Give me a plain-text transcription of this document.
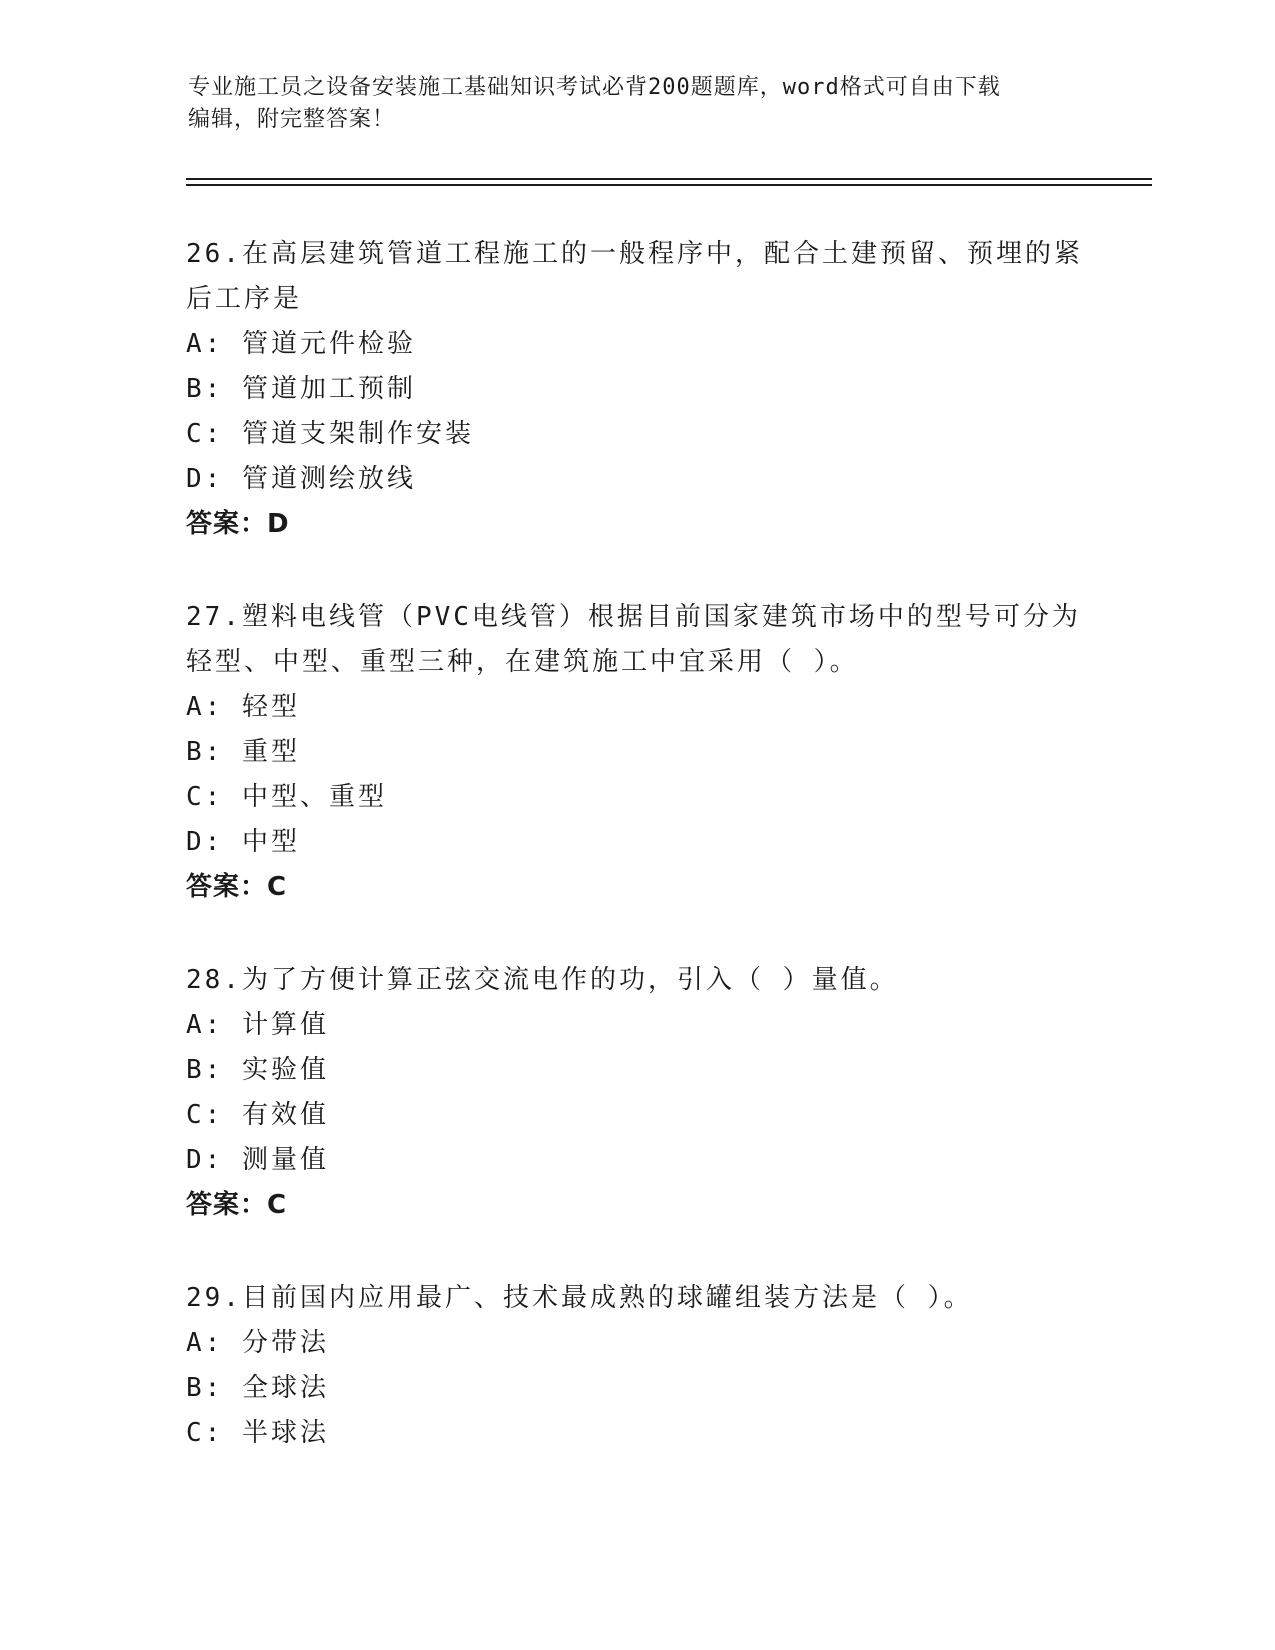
专业施工员之设备安装施工基础知识考试必背200题题库，word格式可自由下载
编辑，附完整答案！

26.在高层建筑管道工程施工的一般程序中，配合土建预留、预埋的紧后工序是

A: 管道元件检验

B: 管道加工预制

C: 管道支架制作安装

D: 管道测绘放线

答案：D

27.塑料电线管（PVC电线管）根据目前国家建筑市场中的型号可分为轻型、中型、重型三种，在建筑施工中宜采用（ ）。

A: 轻型

B: 重型

C: 中型、重型

D: 中型

答案：C

28.为了方便计算正弦交流电作的功，引入（ ）量值。

A: 计算值

B: 实验值

C: 有效值

D: 测量值

答案：C

29.目前国内应用最广、技术最成熟的球罐组装方法是（ ）。

A: 分带法

B: 全球法

C: 半球法
